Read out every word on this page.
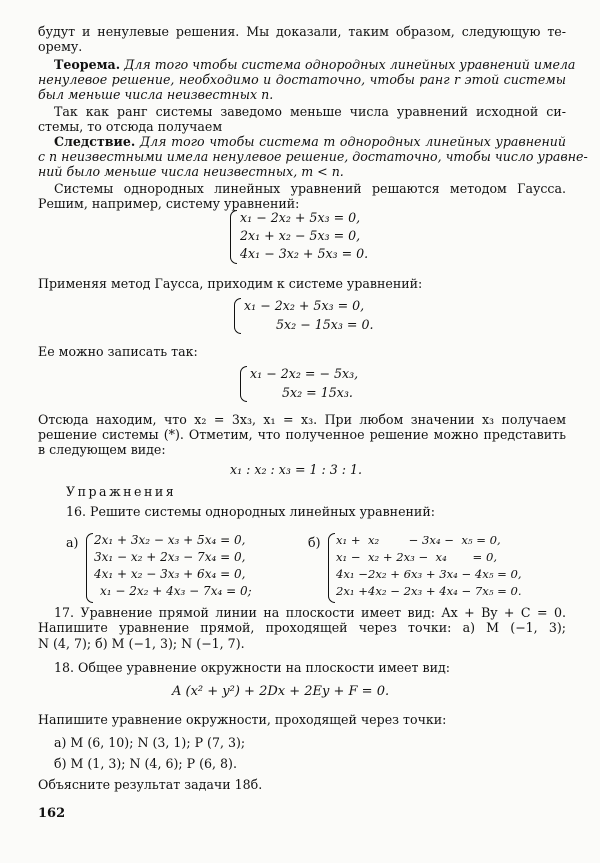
будут и ненулевые решения. Мы доказали, таким образом, следующую те-
орему.
Теорема. Для того чтобы система однородных линейных уравнений имела
ненулевое решение, необходимо и достаточно, чтобы ранг r этой системы
был меньше числа неизвестных n.
Так как ранг системы заведомо меньше числа уравнений исходной си-
стемы, то отсюда получаем
Следствие. Для того чтобы система m однородных линейных уравнений
с n неизвестными имела ненулевое решение, достаточно, чтобы число уравне-
ний было меньше числа неизвестных, m < n.
Системы однородных линейных уравнений решаются методом Гаусса.
Решим, например, систему уравнений:
x₁ − 2x₂ + 5x₃ = 0,
2x₁ + x₂ − 5x₃ = 0,
4x₁ − 3x₂ + 5x₃ = 0.
Применяя метод Гаусса, приходим к системе уравнений:
x₁ − 2x₂ + 5x₃ = 0,
5x₂ − 15x₃ = 0.
Ее можно записать так:
x₁ − 2x₂ = − 5x₃,
5x₂ = 15x₃.
Отсюда находим, что x₂ = 3x₃, x₁ = x₃. При любом значении x₃ получаем
решение системы (*). Отметим, что полученное решение можно представить
в следующем виде:
x₁ : x₂ : x₃ = 1 : 3 : 1.
Упражнения
16. Решите системы однородных линейных уравнений:
а) 2x₁ + 3x₂ − x₃ + 5x₄ = 0,
3x₁ − x₂ + 2x₃ − 7x₄ = 0,
4x₁ + x₂ − 3x₃ + 6x₄ = 0,
x₁ − 2x₂ + 4x₃ − 7x₄ = 0;
б) x₁ +  x₂        − 3x₄ −  x₅ = 0,
x₁ −  x₂ + 2x₃ −  x₄       = 0,
4x₁ −2x₂ + 6x₃ + 3x₄ − 4x₅ = 0,
2x₁ +4x₂ − 2x₃ + 4x₄ − 7x₅ = 0.
17. Уравнение прямой линии на плоскости имеет вид: Ax + By + C = 0.
Напишите уравнение прямой, проходящей через точки: а) M (−1, 3);
N (4, 7); б) M (−1, 3); N (−1, 7).
18. Общее уравнение окружности на плоскости имеет вид:
A (x² + y²) + 2Dx + 2Ey + F = 0.
Напишите уравнение окружности, проходящей через точки:
а) M (6, 10); N (3, 1); P (7, 3);
б) M (1, 3); N (4, 6); P (6, 8).
Объясните результат задачи 18б.
162
